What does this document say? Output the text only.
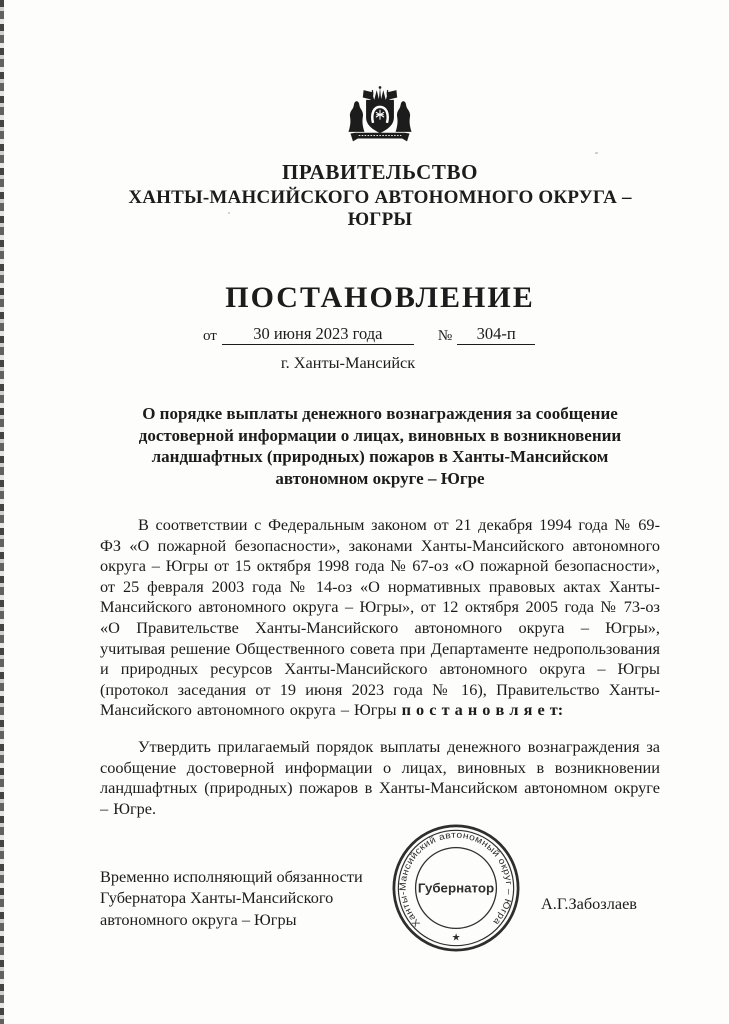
ПРАВИТЕЛЬСТВО
ХАНТЫ-МАНСИЙСКОГО АВТОНОМНОГО ОКРУГА – ЮГРЫ
ПОСТАНОВЛЕНИЕ
от	30 июня 2023 года	№	304-п
г. Ханты-Мансийск
О порядке выплаты денежного вознаграждения за сообщение достоверной информации о лицах, виновных в возникновении ландшафтных (природных) пожаров в Ханты-Мансийском автономном округе – Югре

В соответствии с Федеральным законом от 21 декабря 1994 года № 69-ФЗ «О пожарной безопасности», законами Ханты-Мансийского автономного округа – Югры от 15 октября 1998 года № 67-оз «О пожарной безопасности», от 25 февраля 2003 года № 14-оз «О нормативных правовых актах Ханты-Мансийского автономного округа – Югры», от 12 октября 2005 года № 73-оз «О Правительстве Ханты-Мансийского автономного округа – Югры», учитывая решение Общественного совета при Департаменте недропользования и природных ресурсов Ханты-Мансийского автономного округа – Югры (протокол заседания от 19 июня 2023 года № 16), Правительство Ханты-Мансийского автономного округа – Югры п о с т а н о в л я е т:

Утвердить прилагаемый порядок выплаты денежного вознаграждения за сообщение достоверной информации о лицах, виновных в возникновении ландшафтных (природных) пожаров в Ханты-Мансийском автономном округе – Югре.

Временно исполняющий обязанности
Губернатора Ханты-Мансийского
автономного округа – Югры
А.Г.Забозлаев
Ханты-Мансийский автономный округ – Югра
Губернатор
★
